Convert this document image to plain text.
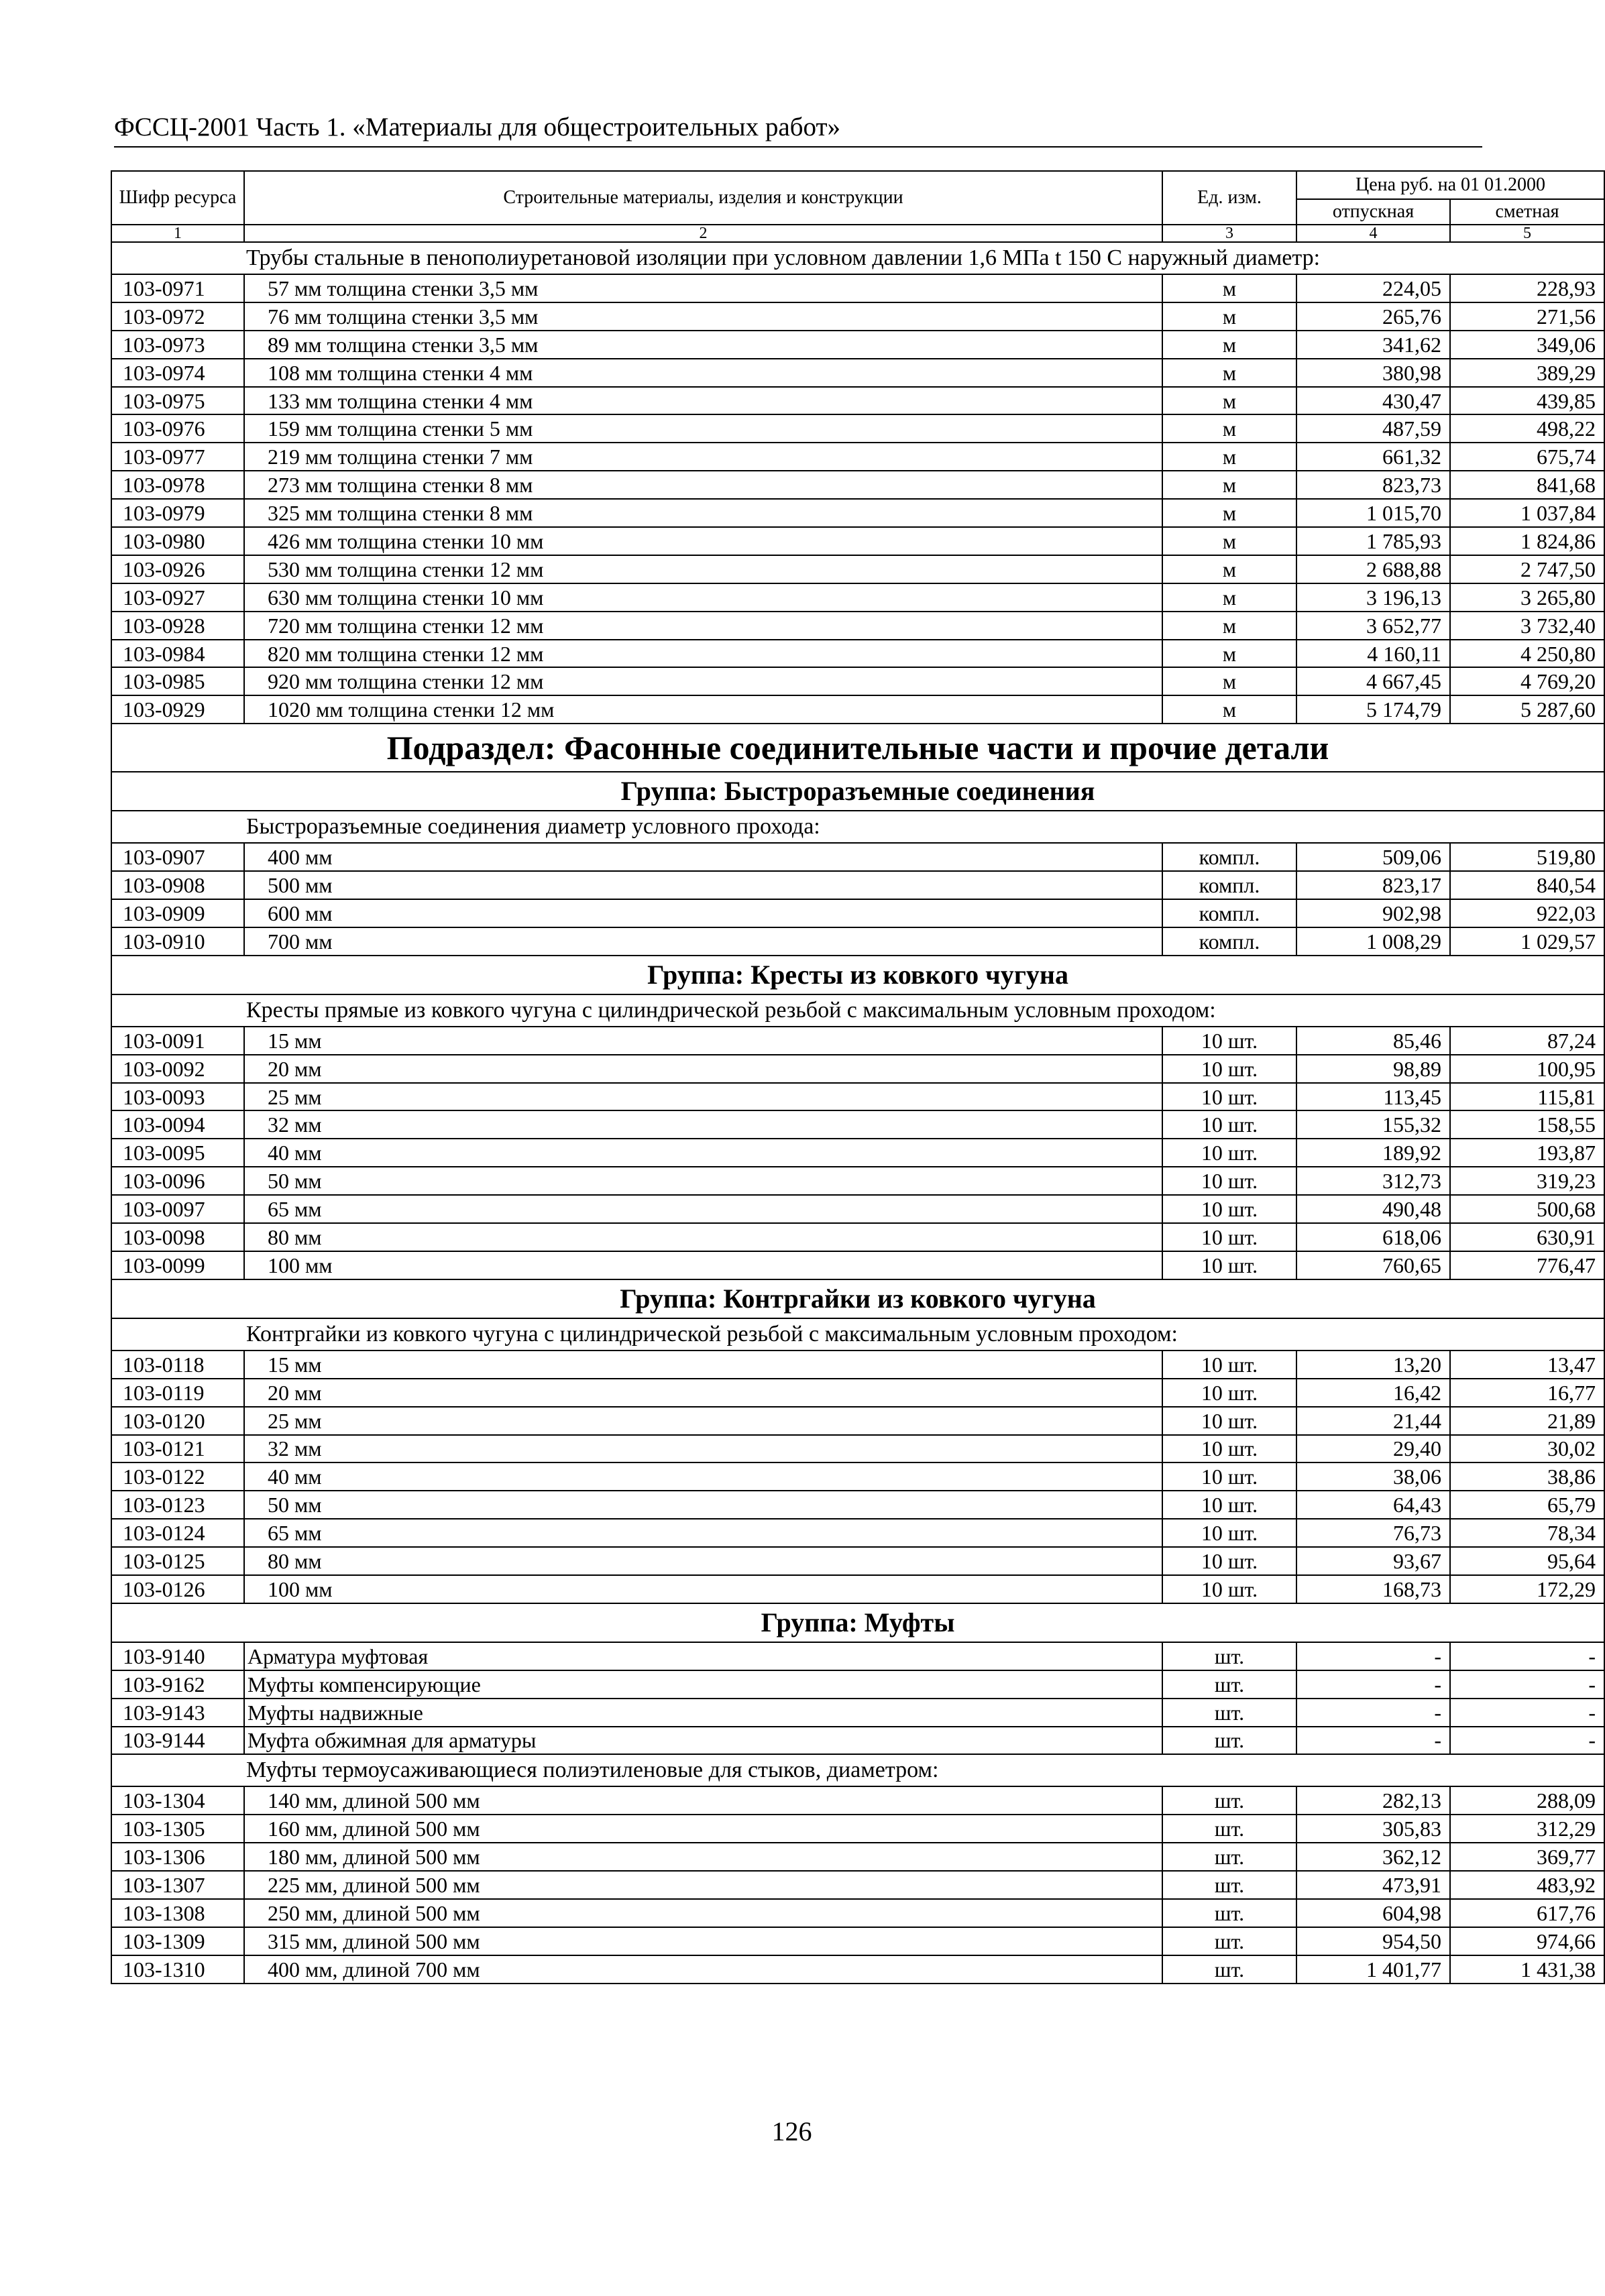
ФССЦ-2001 Часть 1. «Материалы для общестроительных работ»
Шифр ресурса	Строительные материалы, изделия и конструкции	Ед. изм.	Цена руб. на 01 01.2000	
			отпускная	сметная
1	2	3	4	5
Трубы стальные в пенополиуретановой изоляции при условном давлении 1,6 МПа t 150 С наружный диаметр:				
103-0971	57 мм толщина стенки 3,5 мм	м	224,05	228,93
103-0972	76 мм толщина стенки 3,5 мм	м	265,76	271,56
103-0973	89 мм толщина стенки 3,5 мм	м	341,62	349,06
103-0974	108 мм толщина стенки 4 мм	м	380,98	389,29
103-0975	133 мм толщина стенки 4 мм	м	430,47	439,85
103-0976	159 мм толщина стенки 5 мм	м	487,59	498,22
103-0977	219 мм толщина стенки 7 мм	м	661,32	675,74
103-0978	273 мм толщина стенки 8 мм	м	823,73	841,68
103-0979	325 мм толщина стенки 8 мм	м	1 015,70	1 037,84
103-0980	426 мм толщина стенки 10 мм	м	1 785,93	1 824,86
103-0926	530 мм толщина стенки 12 мм	м	2 688,88	2 747,50
103-0927	630 мм толщина стенки 10 мм	м	3 196,13	3 265,80
103-0928	720 мм толщина стенки 12 мм	м	3 652,77	3 732,40
103-0984	820 мм толщина стенки 12 мм	м	4 160,11	4 250,80
103-0985	920 мм толщина стенки 12 мм	м	4 667,45	4 769,20
103-0929	1020 мм толщина стенки 12 мм	м	5 174,79	5 287,60
Подраздел: Фасонные соединительные части и прочие детали				
Группа: Быстроразъемные соединения				
Быстроразъемные соединения диаметр условного прохода:				
103-0907	400 мм	компл.	509,06	519,80
103-0908	500 мм	компл.	823,17	840,54
103-0909	600 мм	компл.	902,98	922,03
103-0910	700 мм	компл.	1 008,29	1 029,57
Группа: Кресты из ковкого чугуна				
Кресты прямые из ковкого чугуна с цилиндрической резьбой с максимальным условным проходом:				
103-0091	15 мм	10 шт.	85,46	87,24
103-0092	20 мм	10 шт.	98,89	100,95
103-0093	25 мм	10 шт.	113,45	115,81
103-0094	32 мм	10 шт.	155,32	158,55
103-0095	40 мм	10 шт.	189,92	193,87
103-0096	50 мм	10 шт.	312,73	319,23
103-0097	65 мм	10 шт.	490,48	500,68
103-0098	80 мм	10 шт.	618,06	630,91
103-0099	100 мм	10 шт.	760,65	776,47
Группа: Контргайки из ковкого чугуна				
Контргайки из ковкого чугуна с цилиндрической резьбой с максимальным условным проходом:				
103-0118	15 мм	10 шт.	13,20	13,47
103-0119	20 мм	10 шт.	16,42	16,77
103-0120	25 мм	10 шт.	21,44	21,89
103-0121	32 мм	10 шт.	29,40	30,02
103-0122	40 мм	10 шт.	38,06	38,86
103-0123	50 мм	10 шт.	64,43	65,79
103-0124	65 мм	10 шт.	76,73	78,34
103-0125	80 мм	10 шт.	93,67	95,64
103-0126	100 мм	10 шт.	168,73	172,29
Группа: Муфты				
103-9140	Арматура муфтовая	шт.	-	-
103-9162	Муфты компенсирующие	шт.	-	-
103-9143	Муфты надвижные	шт.	-	-
103-9144	Муфта обжимная для арматуры	шт.	-	-
Муфты термоусаживающиеся полиэтиленовые для стыков, диаметром:				
103-1304	140 мм, длиной 500 мм	шт.	282,13	288,09
103-1305	160 мм, длиной 500 мм	шт.	305,83	312,29
103-1306	180 мм, длиной 500 мм	шт.	362,12	369,77
103-1307	225 мм, длиной 500 мм	шт.	473,91	483,92
103-1308	250 мм, длиной 500 мм	шт.	604,98	617,76
103-1309	315 мм, длиной 500 мм	шт.	954,50	974,66
103-1310	400 мм, длиной 700 мм	шт.	1 401,77	1 431,38
126
